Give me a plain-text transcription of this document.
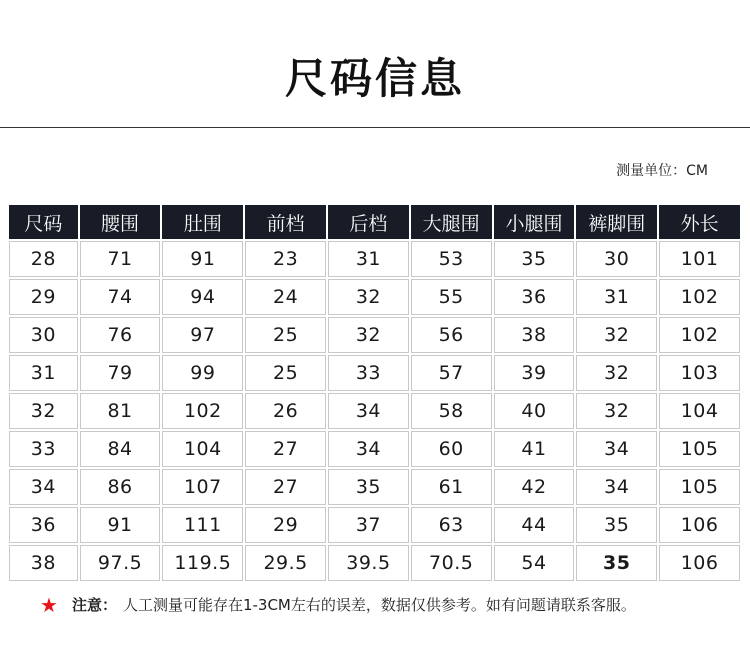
尺码信息
测量单位：CM
尺码	腰围	肚围	前档	后档	大腿围	小腿围	裤脚围	外长
28	71	91	23	31	53	35	30	101
29	74	94	24	32	55	36	31	102
30	76	97	25	32	56	38	32	102
31	79	99	25	33	57	39	32	103
32	81	102	26	34	58	40	32	104
33	84	104	27	34	60	41	34	105
34	86	107	27	35	61	42	34	105
36	91	111	29	37	63	44	35	106
38	97.5	119.5	29.5	39.5	70.5	54	35	106
★ 注意： 人工测量可能存在1-3CM左右的误差，数据仅供参考。如有问题请联系客服。
